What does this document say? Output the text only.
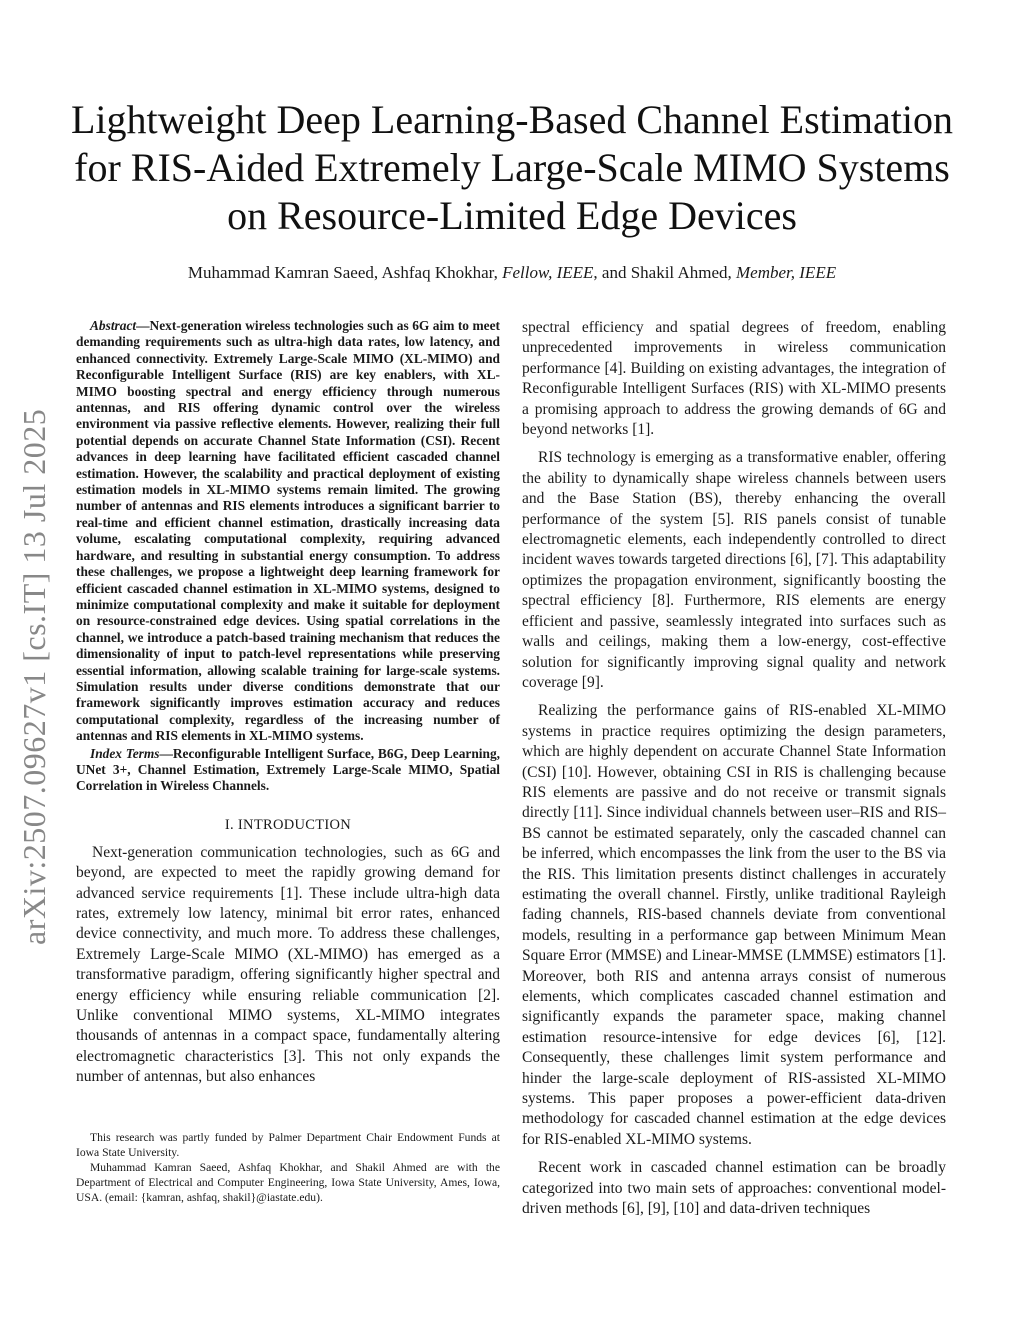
arXiv:2507.09627v1 [cs.IT] 13 Jul 2025
Lightweight Deep Learning-Based Channel Estimation for RIS-Aided Extremely Large-Scale MIMO Systems on Resource-Limited Edge Devices
Muhammad Kamran Saeed, Ashfaq Khokhar, Fellow, IEEE, and Shakil Ahmed, Member, IEEE

Abstract—Next-generation wireless technologies such as 6G aim to meet demanding requirements such as ultra-high data rates, low latency, and enhanced connectivity. Extremely Large-Scale MIMO (XL-MIMO) and Reconfigurable Intelligent Surface (RIS) are key enablers, with XL-MIMO boosting spectral and energy efficiency through numerous antennas, and RIS offering dynamic control over the wireless environment via passive reflective elements. However, realizing their full potential depends on accurate Channel State Information (CSI). Recent advances in deep learning have facilitated efficient cascaded channel estimation. However, the scalability and practical deployment of existing estimation models in XL-MIMO systems remain limited. The growing number of antennas and RIS elements introduces a significant barrier to real-time and efficient channel estimation, drastically increasing data volume, escalating computational complexity, requiring advanced hardware, and resulting in substantial energy consumption. To address these challenges, we propose a lightweight deep learning framework for efficient cascaded channel estimation in XL-MIMO systems, designed to minimize computational complexity and make it suitable for deployment on resource-constrained edge devices. Using spatial correlations in the channel, we introduce a patch-based training mechanism that reduces the dimensionality of input to patch-level representations while preserving essential information, allowing scalable training for large-scale systems. Simulation results under diverse conditions demonstrate that our framework significantly improves estimation accuracy and reduces computational complexity, regardless of the increasing number of antennas and RIS elements in XL-MIMO systems.

Index Terms—Reconfigurable Intelligent Surface, B6G, Deep Learning, UNet 3+, Channel Estimation, Extremely Large-Scale MIMO, Spatial Correlation in Wireless Channels.

I. INTRODUCTION

Next-generation communication technologies, such as 6G and beyond, are expected to meet the rapidly growing demand for advanced service requirements [1]. These include ultra-high data rates, extremely low latency, minimal bit error rates, enhanced device connectivity, and much more. To address these challenges, Extremely Large-Scale MIMO (XL-MIMO) has emerged as a transformative paradigm, offering significantly higher spectral and energy efficiency while ensuring reliable communication [2]. Unlike conventional MIMO systems, XL-MIMO integrates thousands of antennas in a compact space, fundamentally altering electromagnetic characteristics [3]. This not only expands the number of antennas, but also enhances

This research was partly funded by Palmer Department Chair Endowment Funds at Iowa State University.

Muhammad Kamran Saeed, Ashfaq Khokhar, and Shakil Ahmed are with the Department of Electrical and Computer Engineering, Iowa State University, Ames, Iowa, USA. (email: {kamran, ashfaq, shakil}@iastate.edu).

spectral efficiency and spatial degrees of freedom, enabling unprecedented improvements in wireless communication performance [4]. Building on existing advantages, the integration of Reconfigurable Intelligent Surfaces (RIS) with XL-MIMO presents a promising approach to address the growing demands of 6G and beyond networks [1].

RIS technology is emerging as a transformative enabler, offering the ability to dynamically shape wireless channels between users and the Base Station (BS), thereby enhancing the overall performance of the system [5]. RIS panels consist of tunable electromagnetic elements, each independently controlled to direct incident waves towards targeted directions [6], [7]. This adaptability optimizes the propagation environment, significantly boosting the spectral efficiency [8]. Furthermore, RIS elements are energy efficient and passive, seamlessly integrated into surfaces such as walls and ceilings, making them a low-energy, cost-effective solution for significantly improving signal quality and network coverage [9].

Realizing the performance gains of RIS-enabled XL-MIMO systems in practice requires optimizing the design parameters, which are highly dependent on accurate Channel State Information (CSI) [10]. However, obtaining CSI in RIS is challenging because RIS elements are passive and do not receive or transmit signals directly [11]. Since individual channels between user–RIS and RIS–BS cannot be estimated separately, only the cascaded channel can be inferred, which encompasses the link from the user to the BS via the RIS. This limitation presents distinct challenges in accurately estimating the overall channel. Firstly, unlike traditional Rayleigh fading channels, RIS-based channels deviate from conventional models, resulting in a performance gap between Minimum Mean Square Error (MMSE) and Linear-MMSE (LMMSE) estimators [1]. Moreover, both RIS and antenna arrays consist of numerous elements, which complicates cascaded channel estimation and significantly expands the parameter space, making channel estimation resource-intensive for edge devices [6], [12]. Consequently, these challenges limit system performance and hinder the large-scale deployment of RIS-assisted XL-MIMO systems. This paper proposes a power-efficient data-driven methodology for cascaded channel estimation at the edge devices for RIS-enabled XL-MIMO systems.

Recent work in cascaded channel estimation can be broadly categorized into two main sets of approaches: conventional model-driven methods [6], [9], [10] and data-driven techniques
